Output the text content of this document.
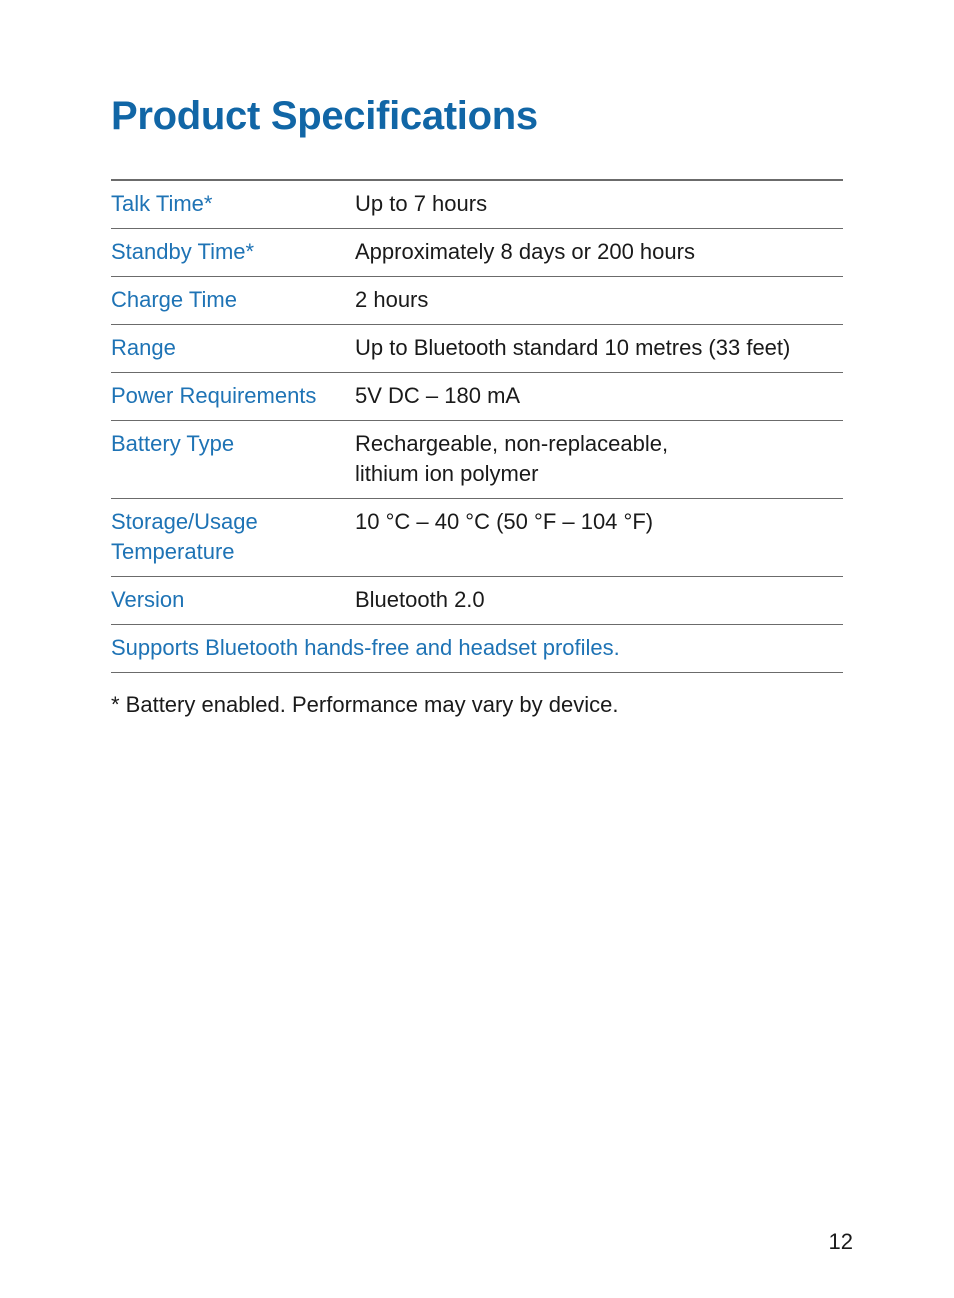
Product Specifications
Talk Time*	Up to 7 hours
Standby Time*	Approximately 8 days or 200 hours
Charge Time	2 hours
Range	Up to Bluetooth standard 10 metres (33 feet)
Power Requirements	5V DC – 180 mA
Battery Type	Rechargeable, non-replaceable,
lithium ion polymer
Storage/Usage
Temperature	10 °C – 40 °C (50 °F – 104 °F)
Version	Bluetooth 2.0
Supports Bluetooth hands-free and headset profiles.	

* Battery enabled. Performance may vary by device.

12
